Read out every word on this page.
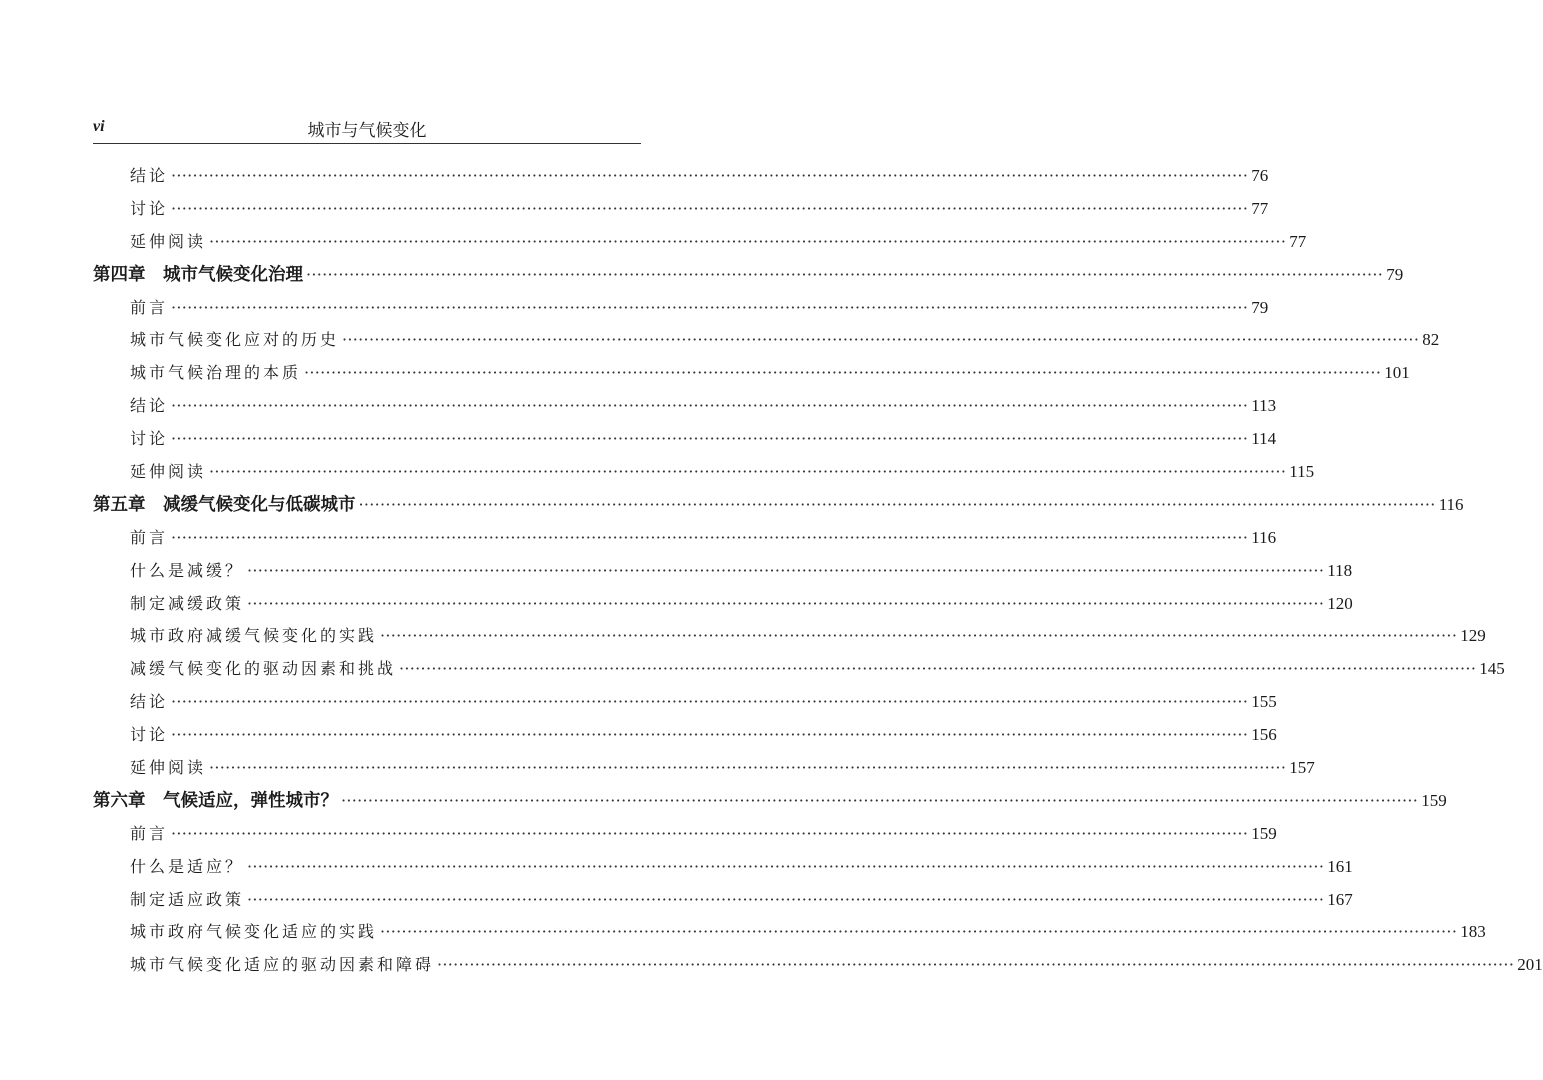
vi	城市与气候变化
结论 ········································································································································································································ 76
讨论 ········································································································································································································ 77
延伸阅读 ········································································································································································································ 77
第四章　城市气候变化治理 ········································································································································································································ 79
前言 ········································································································································································································ 79
城市气候变化应对的历史 ········································································································································································································ 82
城市气候治理的本质 ········································································································································································································ 101
结论 ········································································································································································································ 113
讨论 ········································································································································································································ 114
延伸阅读 ········································································································································································································ 115
第五章　减缓气候变化与低碳城市 ········································································································································································································ 116
前言 ········································································································································································································ 116
什么是减缓？ ········································································································································································································ 118
制定减缓政策 ········································································································································································································ 120
城市政府减缓气候变化的实践 ········································································································································································································ 129
减缓气候变化的驱动因素和挑战 ········································································································································································································ 145
结论 ········································································································································································································ 155
讨论 ········································································································································································································ 156
延伸阅读 ········································································································································································································ 157
第六章　气候适应，弹性城市？ ········································································································································································································ 159
前言 ········································································································································································································ 159
什么是适应？ ········································································································································································································ 161
制定适应政策 ········································································································································································································ 167
城市政府气候变化适应的实践 ········································································································································································································ 183
城市气候变化适应的驱动因素和障碍 ········································································································································································································ 201
